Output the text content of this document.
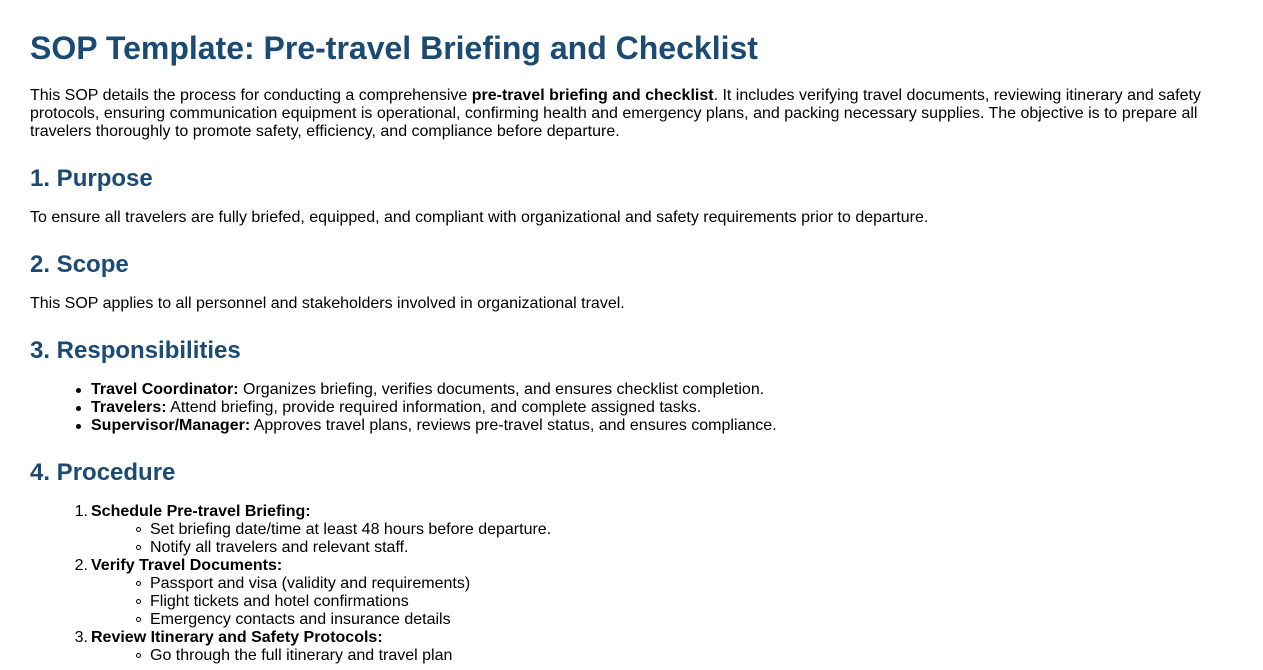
SOP Template: Pre-travel Briefing and Checklist

This SOP details the process for conducting a comprehensive pre-travel briefing and checklist. It includes verifying travel documents, reviewing itinerary and safety protocols, ensuring communication equipment is operational, confirming health and emergency plans, and packing necessary supplies. The objective is to prepare all travelers thoroughly to promote safety, efficiency, and compliance before departure.

1. Purpose

To ensure all travelers are fully briefed, equipped, and compliant with organizational and safety requirements prior to departure.

2. Scope

This SOP applies to all personnel and stakeholders involved in organizational travel.

3. Responsibilities
Travel Coordinator: Organizes briefing, verifies documents, and ensures checklist completion.
Travelers: Attend briefing, provide required information, and complete assigned tasks.
Supervisor/Manager: Approves travel plans, reviews pre-travel status, and ensures compliance.
4. Procedure
1. Schedule Pre-travel Briefing:
Set briefing date/time at least 48 hours before departure.
Notify all travelers and relevant staff.
2. Verify Travel Documents:
Passport and visa (validity and requirements)
Flight tickets and hotel confirmations
Emergency contacts and insurance details
3. Review Itinerary and Safety Protocols:
Go through the full itinerary and travel plan
